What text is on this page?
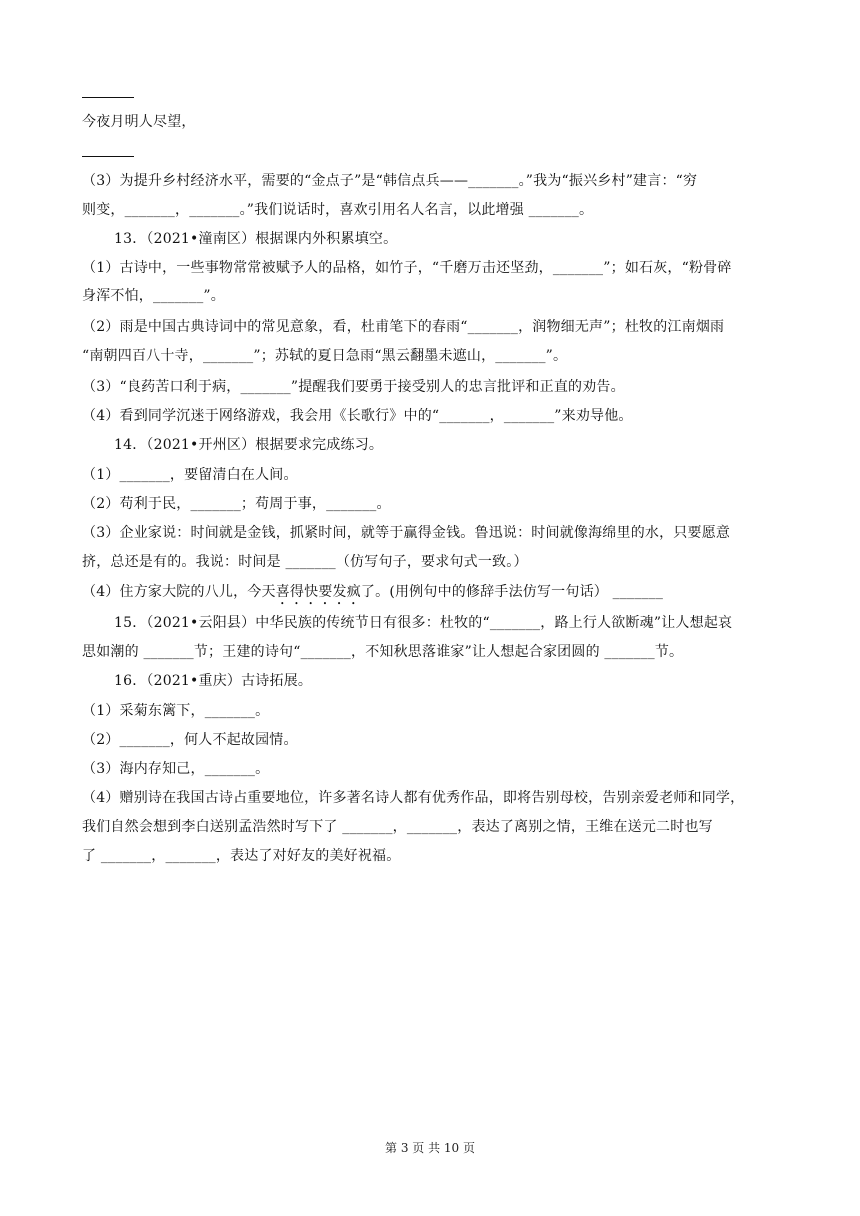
今夜月明人尽望，
（3）为提升乡村经济水平，需要的“金点子”是“韩信点兵——_______。”我为“振兴乡村”建言：“穷
则变，_______，_______。”我们说话时，喜欢引用名人名言，以此增强 _______。
13．（2021•潼南区）根据课内外积累填空。
（1）古诗中，一些事物常常被赋予人的品格，如竹子，“千磨万击还坚劲，_______”；如石灰，“粉骨碎
身浑不怕，_______”。
（2）雨是中国古典诗词中的常见意象，看，杜甫笔下的春雨“_______，润物细无声”；杜牧的江南烟雨
“南朝四百八十寺，_______”；苏轼的夏日急雨“黑云翻墨未遮山，_______”。
（3）“良药苦口利于病，_______”提醒我们要勇于接受别人的忠言批评和正直的劝告。
（4）看到同学沉迷于网络游戏，我会用《长歌行》中的“_______，_______”来劝导他。
14．（2021•开州区）根据要求完成练习。
（1）_______，要留清白在人间。
（2）苟利于民，_______；苟周于事，_______。
（3）企业家说：时间就是金钱，抓紧时间，就等于赢得金钱。鲁迅说：时间就像海绵里的水，只要愿意
挤，总还是有的。我说：时间是 _______（仿写句子，要求句式一致。）
（4）住方家大院的八儿，今天喜得快要发疯了。(用例句中的修辞手法仿写一句话） _______
15．（2021•云阳县）中华民族的传统节日有很多：杜牧的“_______，路上行人欲断魂”让人想起哀
思如潮的 _______节；王建的诗句“_______，不知秋思落谁家”让人想起合家团圆的 _______节。
16．（2021•重庆）古诗拓展。
（1）采菊东篱下，_______。
（2）_______，何人不起故园情。
（3）海内存知己，_______。
（4）赠别诗在我国古诗占重要地位，许多著名诗人都有优秀作品，即将告别母校，告别亲爱老师和同学，
我们自然会想到李白送别孟浩然时写下了 _______，_______，表达了离别之情，王维在送元二时也写
了 _______，_______，表达了对好友的美好祝福。
第 3 页 共 10 页
